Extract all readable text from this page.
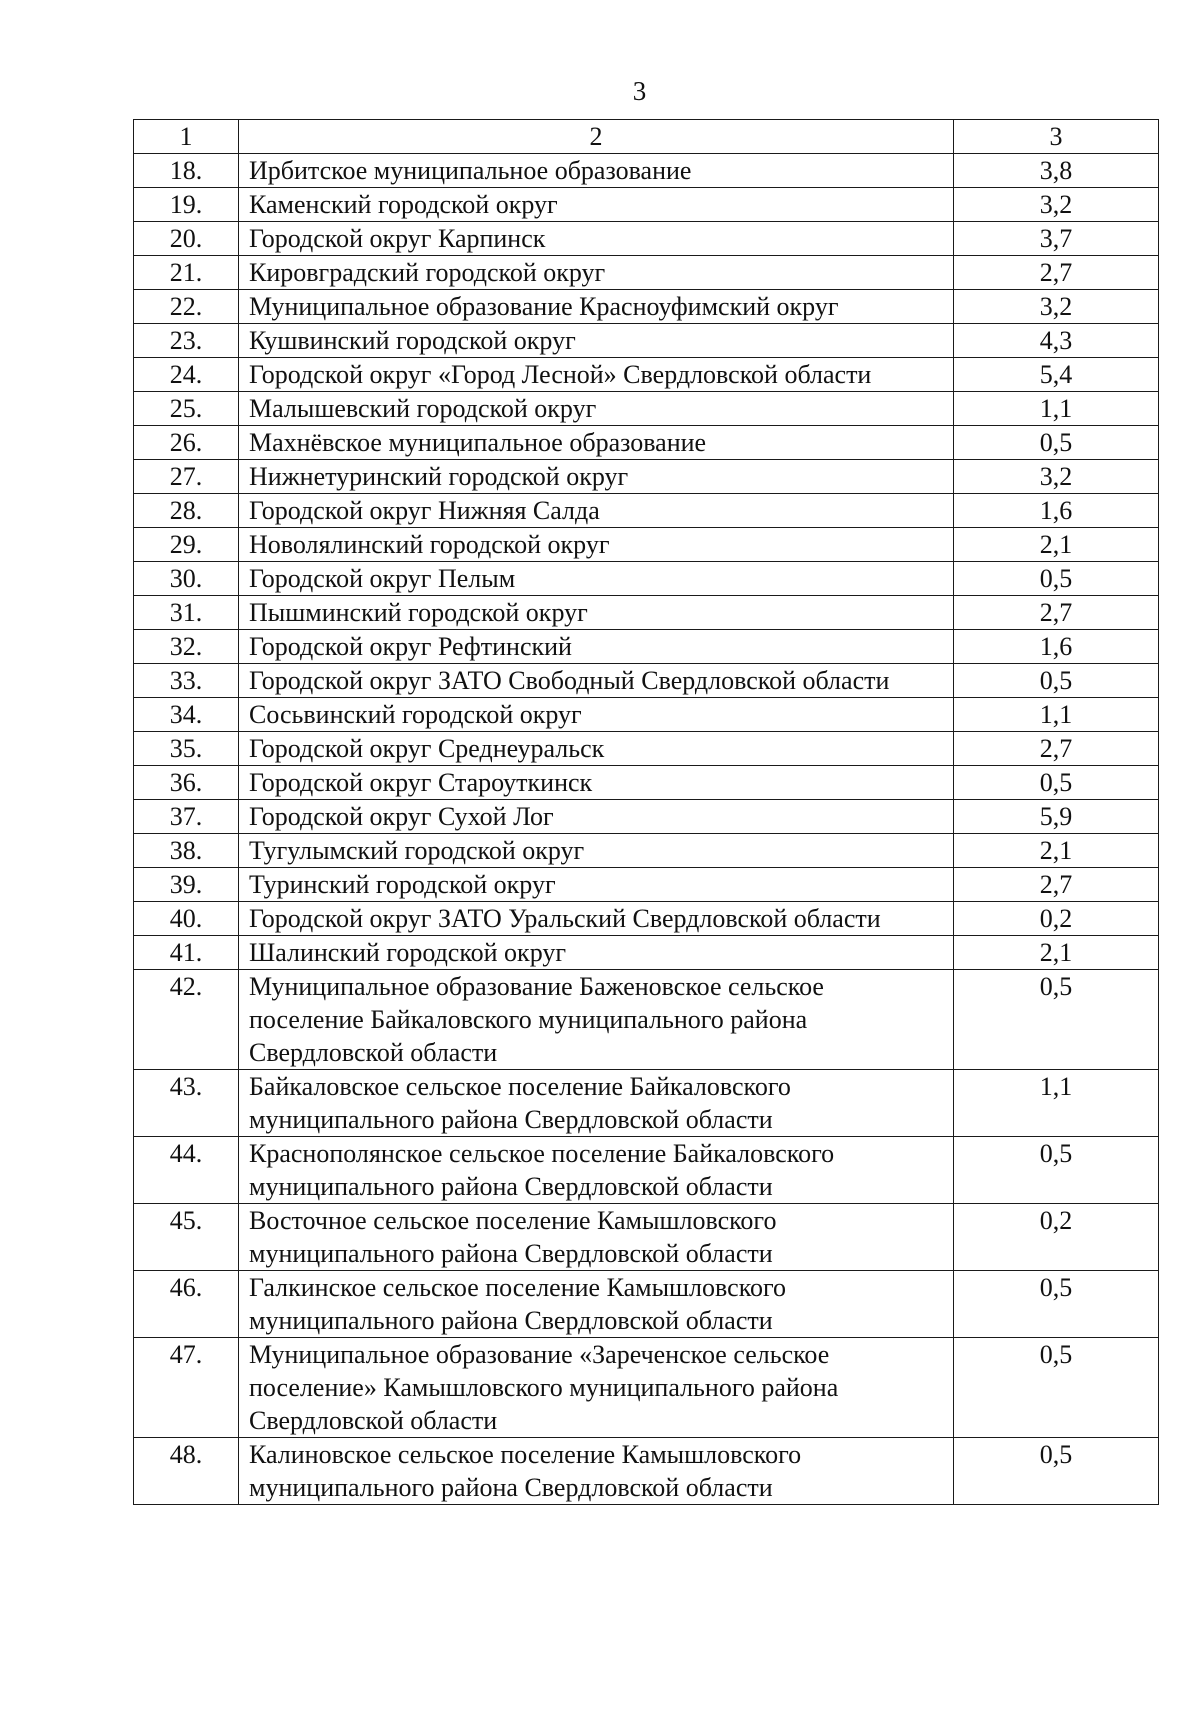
3
1	2	3
18.	Ирбитское муниципальное образование	3,8
19.	Каменский городской округ	3,2
20.	Городской округ Карпинск	3,7
21.	Кировградский городской округ	2,7
22.	Муниципальное образование Красноуфимский округ	3,2
23.	Кушвинский городской округ	4,3
24.	Городской округ «Город Лесной» Свердловской области	5,4
25.	Малышевский городской округ	1,1
26.	Махнёвское муниципальное образование	0,5
27.	Нижнетуринский городской округ	3,2
28.	Городской округ Нижняя Салда	1,6
29.	Новолялинский городской округ	2,1
30.	Городской округ Пелым	0,5
31.	Пышминский городской округ	2,7
32.	Городской округ Рефтинский	1,6
33.	Городской округ ЗАТО Свободный Свердловской области	0,5
34.	Сосьвинский городской округ	1,1
35.	Городской округ Среднеуральск	2,7
36.	Городской округ Староуткинск	0,5
37.	Городской округ Сухой Лог	5,9
38.	Тугулымский городской округ	2,1
39.	Туринский городской округ	2,7
40.	Городской округ ЗАТО Уральский Свердловской области	0,2
41.	Шалинский городской округ	2,1
42.	Муниципальное образование Баженовское сельское поселение Байкаловского муниципального района Свердловской области	0,5
43.	Байкаловское сельское поселение Байкаловского муниципального района Свердловской области	1,1
44.	Краснополянское сельское поселение Байкаловского муниципального района Свердловской области	0,5
45.	Восточное сельское поселение Камышловского муниципального района Свердловской области	0,2
46.	Галкинское сельское поселение Камышловского муниципального района Свердловской области	0,5
47.	Муниципальное образование «Зареченское сельское поселение» Камышловского муниципального района Свердловской области	0,5
48.	Калиновское сельское поселение Камышловского муниципального района Свердловской области	0,5
